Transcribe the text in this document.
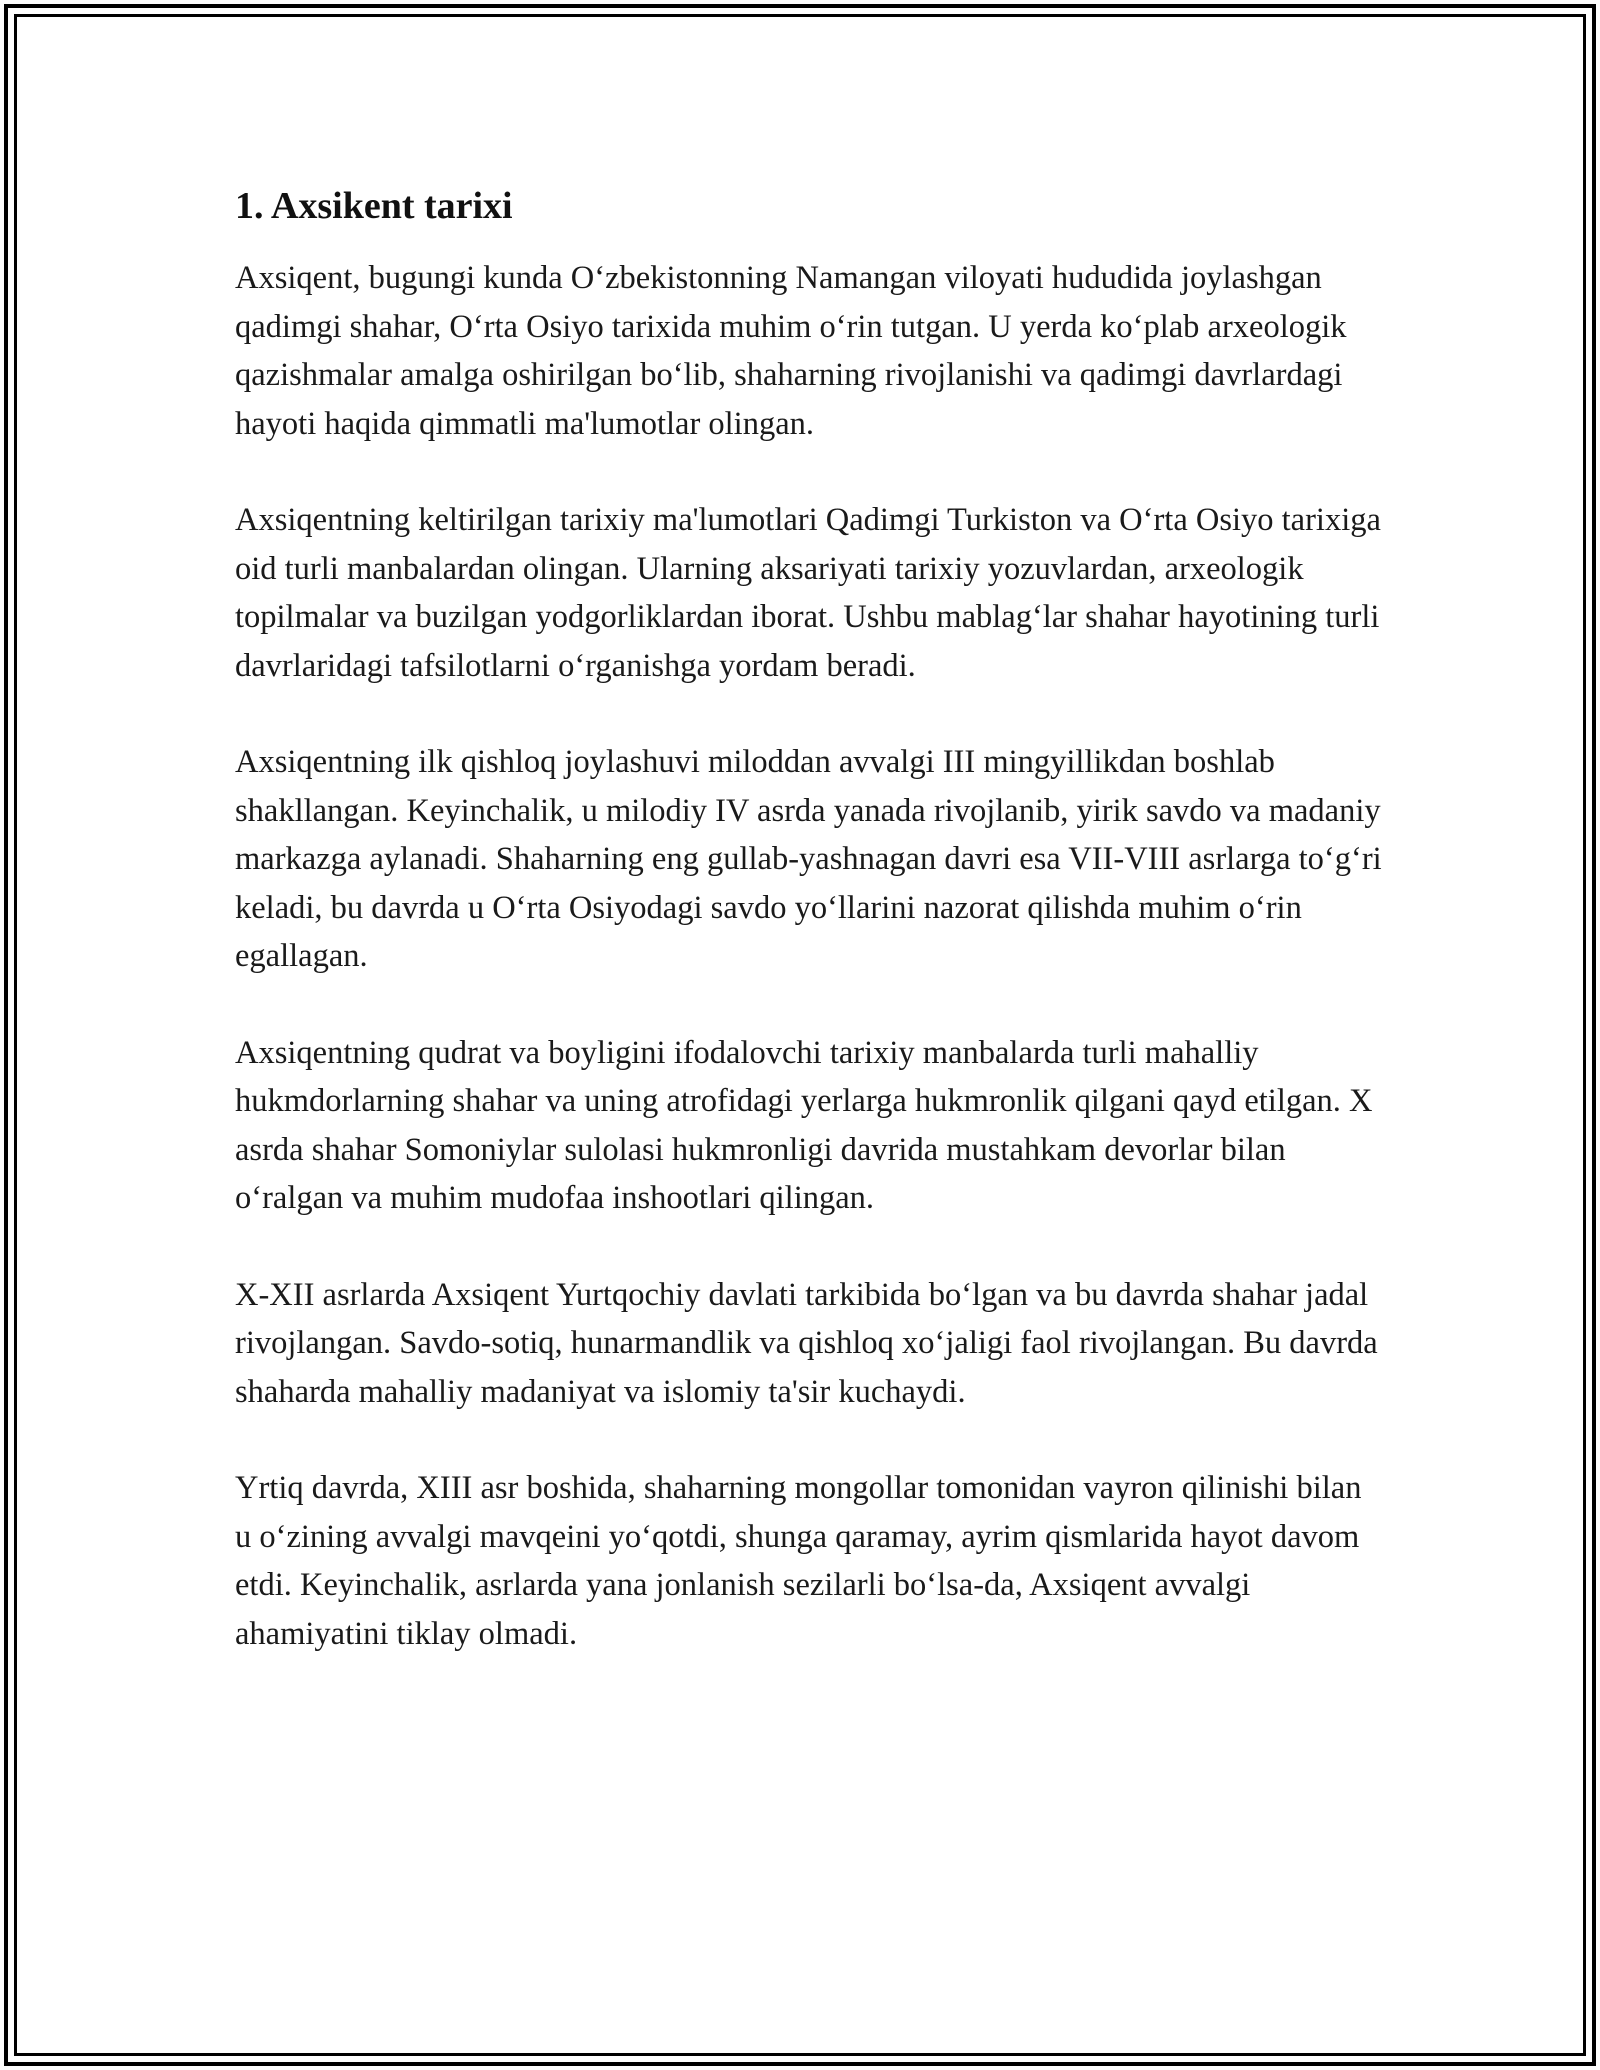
1. Axsikent tarixi

Axsiqent, bugungi kunda O‘zbekistonning Namangan viloyati hududida joylashgan qadimgi shahar, O‘rta Osiyo tarixida muhim o‘rin tutgan. U yerda ko‘plab arxeologik qazishmalar amalga oshirilgan bo‘lib, shaharning rivojlanishi va qadimgi davrlardagi hayoti haqida qimmatli ma'lumotlar olingan.

Axsiqentning keltirilgan tarixiy ma'lumotlari Qadimgi Turkiston va O‘rta Osiyo tarixiga oid turli manbalardan olingan. Ularning aksariyati tarixiy yozuvlardan, arxeologik topilmalar va buzilgan yodgorliklardan iborat. Ushbu mablag‘lar shahar hayotining turli davrlaridagi tafsilotlarni o‘rganishga yordam beradi.

Axsiqentning ilk qishloq joylashuvi miloddan avvalgi III mingyillikdan boshlab shakllangan. Keyinchalik, u milodiy IV asrda yanada rivojlanib, yirik savdo va madaniy markazga aylanadi. Shaharning eng gullab-yashnagan davri esa VII-VIII asrlarga to‘g‘ri keladi, bu davrda u O‘rta Osiyodagi savdo yo‘llarini nazorat qilishda muhim o‘rin egallagan.

Axsiqentning qudrat va boyligini ifodalovchi tarixiy manbalarda turli mahalliy hukmdorlarning shahar va uning atrofidagi yerlarga hukmronlik qilgani qayd etilgan. X asrda shahar Somoniylar sulolasi hukmronligi davrida mustahkam devorlar bilan o‘ralgan va muhim mudofaa inshootlari qilingan.

X-XII asrlarda Axsiqent Yurtqochiy davlati tarkibida bo‘lgan va bu davrda shahar jadal rivojlangan. Savdo-sotiq, hunarmandlik va qishloq xo‘jaligi faol rivojlangan. Bu davrda shaharda mahalliy madaniyat va islomiy ta'sir kuchaydi.

Yrtiq davrda, XIII asr boshida, shaharning mongollar tomonidan vayron qilinishi bilan u o‘zining avvalgi mavqeini yo‘qotdi, shunga qaramay, ayrim qismlarida hayot davom etdi. Keyinchalik, asrlarda yana jonlanish sezilarli bo‘lsa-da, Axsiqent avvalgi ahamiyatini tiklay olmadi.
